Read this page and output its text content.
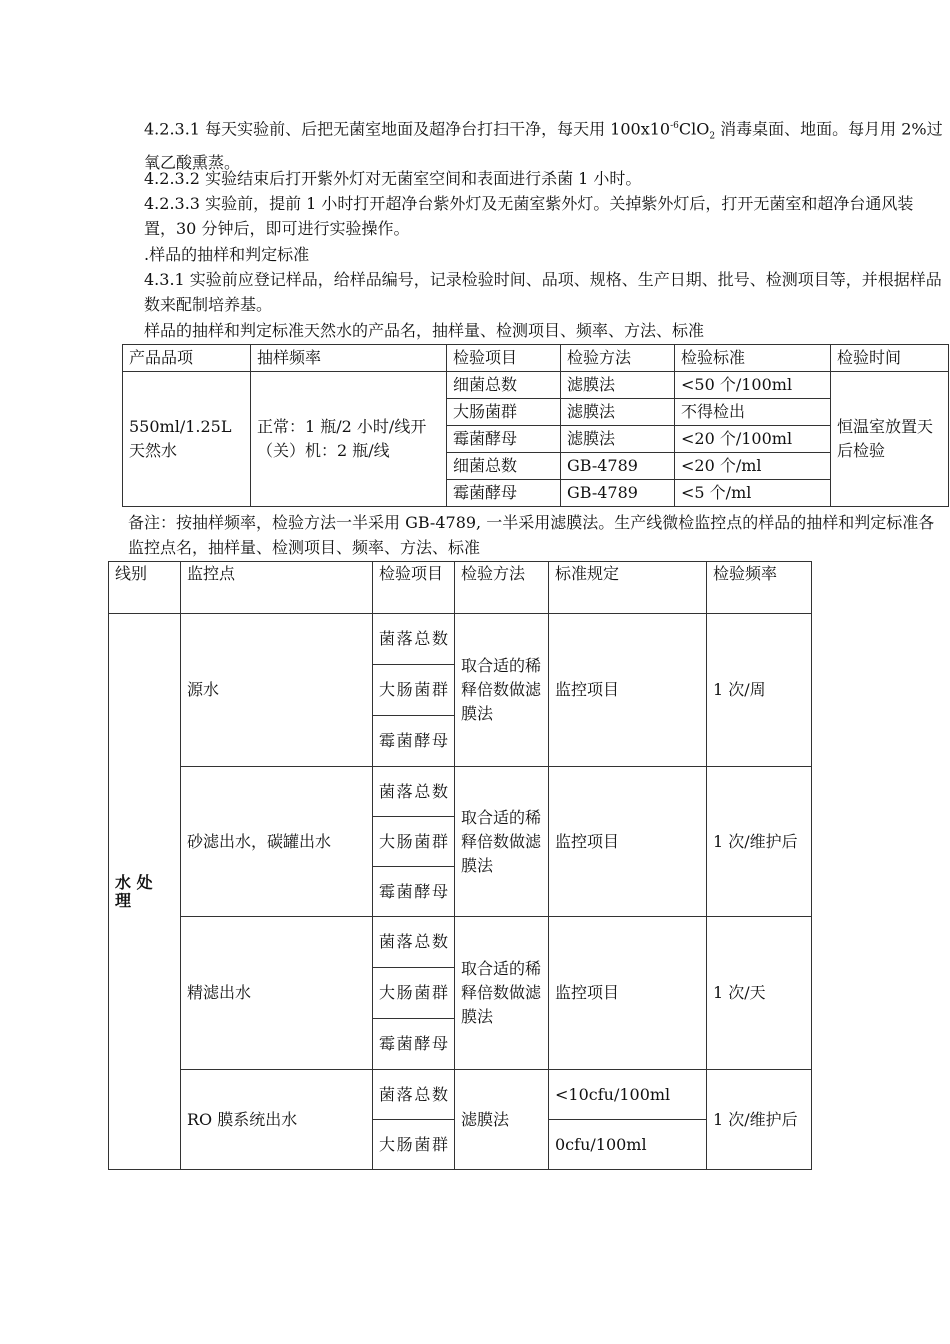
4.2.3.1 每天实验前、后把无菌室地面及超净台打扫干净，每天用 $100x10^{-6}ClO_2$ 消毒桌面、地面。每月用 2%过氧乙酸熏蒸。

4.2.3.2 实验结束后打开紫外灯对无菌室空间和表面进行杀菌 1 小时。

4.2.3.3 实验前，提前 1 小时打开超净台紫外灯及无菌室紫外灯。关掉紫外灯后，打开无菌室和超净台通风装置，30 分钟后，即可进行实验操作。

.样品的抽样和判定标准

4.3.1 实验前应登记样品，给样品编号，记录检验时间、品项、规格、生产日期、批号、检测项目等，并根据样品数来配制培养基。

样品的抽样和判定标准天然水的产品名，抽样量、检测项目、频率、方法、标准

产品品项	抽样频率	检验项目	检验方法	检验标准	检验时间
550ml/1.25L 天然水	正常：1 瓶/2 小时/线开（关）机：2 瓶/线	细菌总数	滤膜法	<50 个/100ml	恒温室放置天后检验
		大肠菌群	滤膜法	不得检出	
		霉菌酵母	滤膜法	<20 个/100ml	
		细菌总数	GB-4789	<20 个/ml	
		霉菌酵母	GB-4789	<5 个/ml	

备注：按抽样频率，检验方法一半采用 GB-4789, 一半采用滤膜法。生产线微检监控点的样品的抽样和判定标准各监控点名，抽样量、检测项目、频率、方法、标准

线别	监控点	检验项目	检验方法	标准规定	检验频率
水 处 理	源水	菌落总数	取合适的稀释倍数做滤膜法	监控项目	1 次/周
		大肠菌群			
		霉菌酵母			
	砂滤出水，碳罐出水	菌落总数	取合适的稀释倍数做滤膜法	监控项目	1 次/维护后
		大肠菌群			
		霉菌酵母			
	精滤出水	菌落总数	取合适的稀释倍数做滤膜法	监控项目	1 次/天
		大肠菌群			
		霉菌酵母			
	RO 膜系统出水	菌落总数	滤膜法	<10cfu/100ml	1 次/维护后
		大肠菌群		0cfu/100ml	
